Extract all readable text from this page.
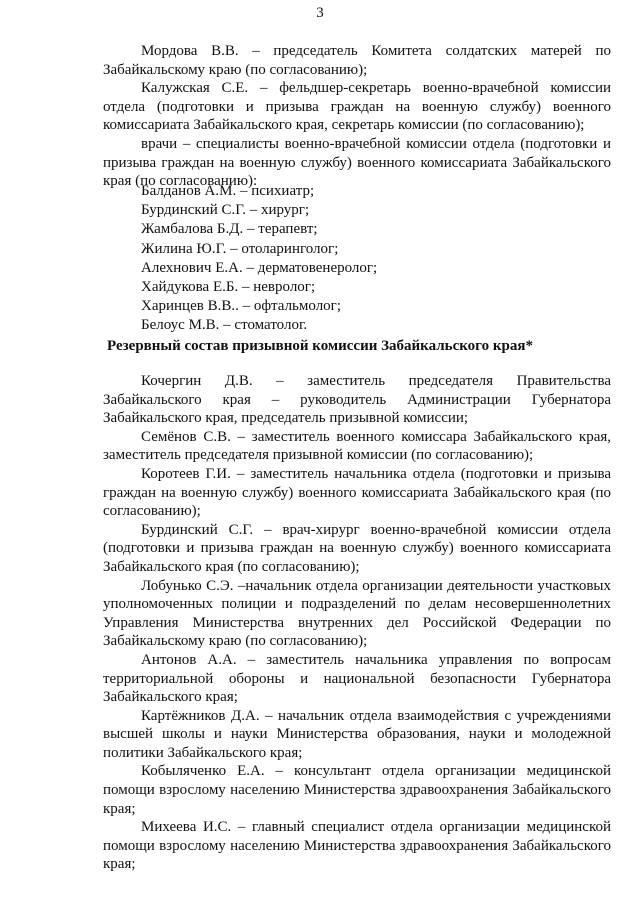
3

Мордова В.В. – председатель Комитета солдатских матерей по Забайкальскому краю (по согласованию);

Калужская С.Е. – фельдшер-секретарь военно-врачебной комиссии отдела (подготовки и призыва граждан на военную службу) военного комиссариата Забайкальского края, секретарь комиссии (по согласованию);

врачи – специалисты военно-врачебной комиссии отдела (подготовки и призыва граждан на военную службу) военного комиссариата Забайкальского края (по согласованию):

Балданов А.М. – психиатр;
Бурдинский С.Г. – хирург;
Жамбалова Б.Д. – терапевт;
Жилина Ю.Г. – отоларинголог;
Алехнович Е.А. – дерматовенеролог;
Хайдукова Е.Б. – невролог;
Харинцев В.В.. – офтальмолог;
Белоус М.В. – стоматолог.
Резервный состав призывной комиссии Забайкальского края*

Кочергин Д.В. – заместитель председателя Правительства Забайкальского края – руководитель Администрации Губернатора Забайкальского края, председатель призывной комиссии;

Семёнов С.В. – заместитель военного комиссара Забайкальского края, заместитель председателя призывной комиссии (по согласованию);

Коротеев Г.И. – заместитель начальника отдела (подготовки и призыва граждан на военную службу) военного комиссариата Забайкальского края (по согласованию);

Бурдинский С.Г. – врач-хирург военно-врачебной комиссии отдела (подготовки и призыва граждан на военную службу) военного комиссариата Забайкальского края (по согласованию);

Лобунько С.Э. –начальник отдела организации деятельности участковых уполномоченных полиции и подразделений по делам несовершеннолетних Управления Министерства внутренних дел Российской Федерации по Забайкальскому краю (по согласованию);

Антонов А.А. – заместитель начальника управления по вопросам территориальной обороны и национальной безопасности Губернатора Забайкальского края;

Картёжников Д.А. – начальник отдела взаимодействия с учреждениями высшей школы и науки Министерства образования, науки и молодежной политики Забайкальского края;

Кобыляченко Е.А. – консультант отдела организации медицинской помощи взрослому населению Министерства здравоохранения Забайкальского края;

Михеева И.С. – главный специалист отдела организации медицинской помощи взрослому населению Министерства здравоохранения Забайкальского края;
